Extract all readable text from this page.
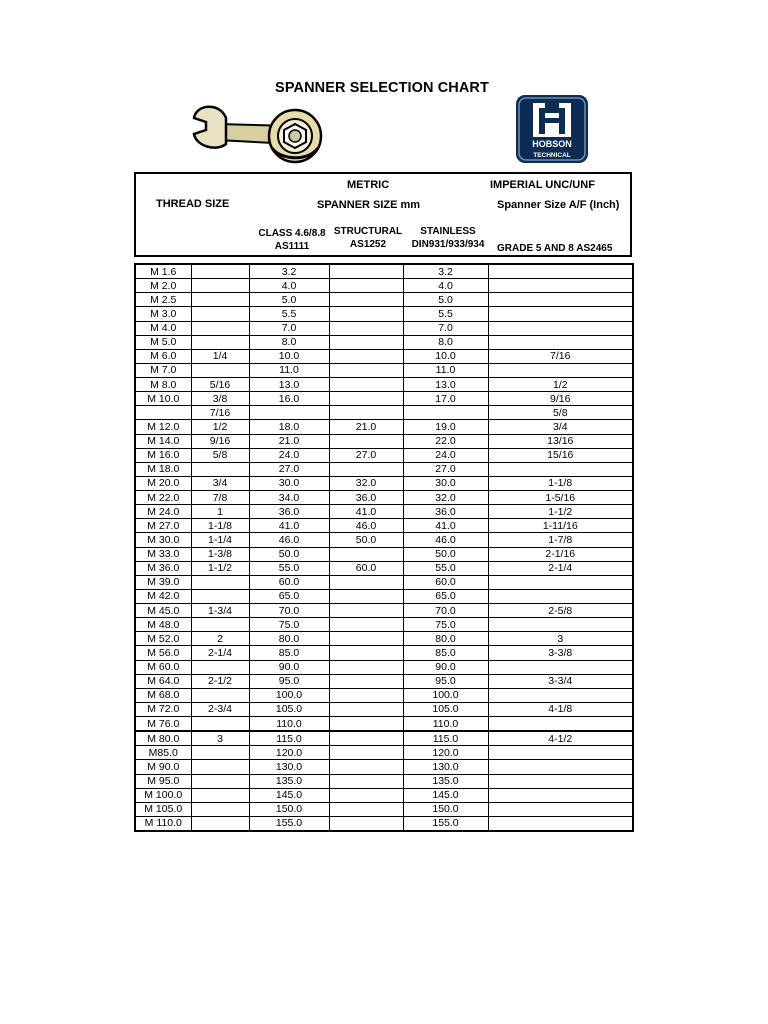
SPANNER SELECTION CHART
HOBSON
TECHNICAL
THREAD SIZE
METRIC
SPANNER SIZE mm
IMPERIAL UNC/UNF
Spanner Size A/F (Inch)
CLASS 4.6/8.8
AS1111
STRUCTURAL
AS1252
STAINLESS
DIN931/933/934	GRADE 5 AND 8 AS2465
M 1.6		3.2		3.2	
M 2.0		4.0		4.0	
M 2.5		5.0		5.0	
M 3.0		5.5		5.5	
M 4.0		7.0		7.0	
M 5.0		8.0		8.0	
M 6.0	1/4	10.0		10.0	7/16
M 7.0		11.0		11.0	
M 8.0	5/16	13.0		13.0	1/2
M 10.0	3/8	16.0		17.0	9/16
	7/16				5/8
M 12.0	1/2	18.0	21.0	19.0	3/4
M 14.0	9/16	21.0		22.0	13/16
M 16.0	5/8	24.0	27.0	24.0	15/16
M 18.0		27.0		27.0	
M 20.0	3/4	30.0	32.0	30.0	1-1/8
M 22.0	7/8	34.0	36.0	32.0	1-5/16
M 24.0	1	36.0	41.0	36.0	1-1/2
M 27.0	1-1/8	41.0	46.0	41.0	1-11/16
M 30.0	1-1/4	46.0	50.0	46.0	1-7/8
M 33.0	1-3/8	50.0		50.0	2-1/16
M 36.0	1-1/2	55.0	60.0	55.0	2-1/4
M 39.0		60.0		60.0	
M 42.0		65.0		65.0	
M 45.0	1-3/4	70.0		70.0	2-5/8
M 48.0		75.0		75.0	
M 52.0	2	80.0		80.0	3
M 56.0	2-1/4	85.0		85.0	3-3/8
M 60.0		90.0		90.0	
M 64.0	2-1/2	95.0		95.0	3-3/4
M 68.0		100.0		100.0	
M 72.0	2-3/4	105.0		105.0	4-1/8
M 76.0		110.0		110.0	
M 80.0	3	115.0		115.0	4-1/2
M85.0		120.0		120.0	
M 90.0		130.0		130.0	
M 95.0		135.0		135.0	
M 100.0		145.0		145.0	
M 105.0		150.0		150.0	
M 110.0		155.0		155.0	
